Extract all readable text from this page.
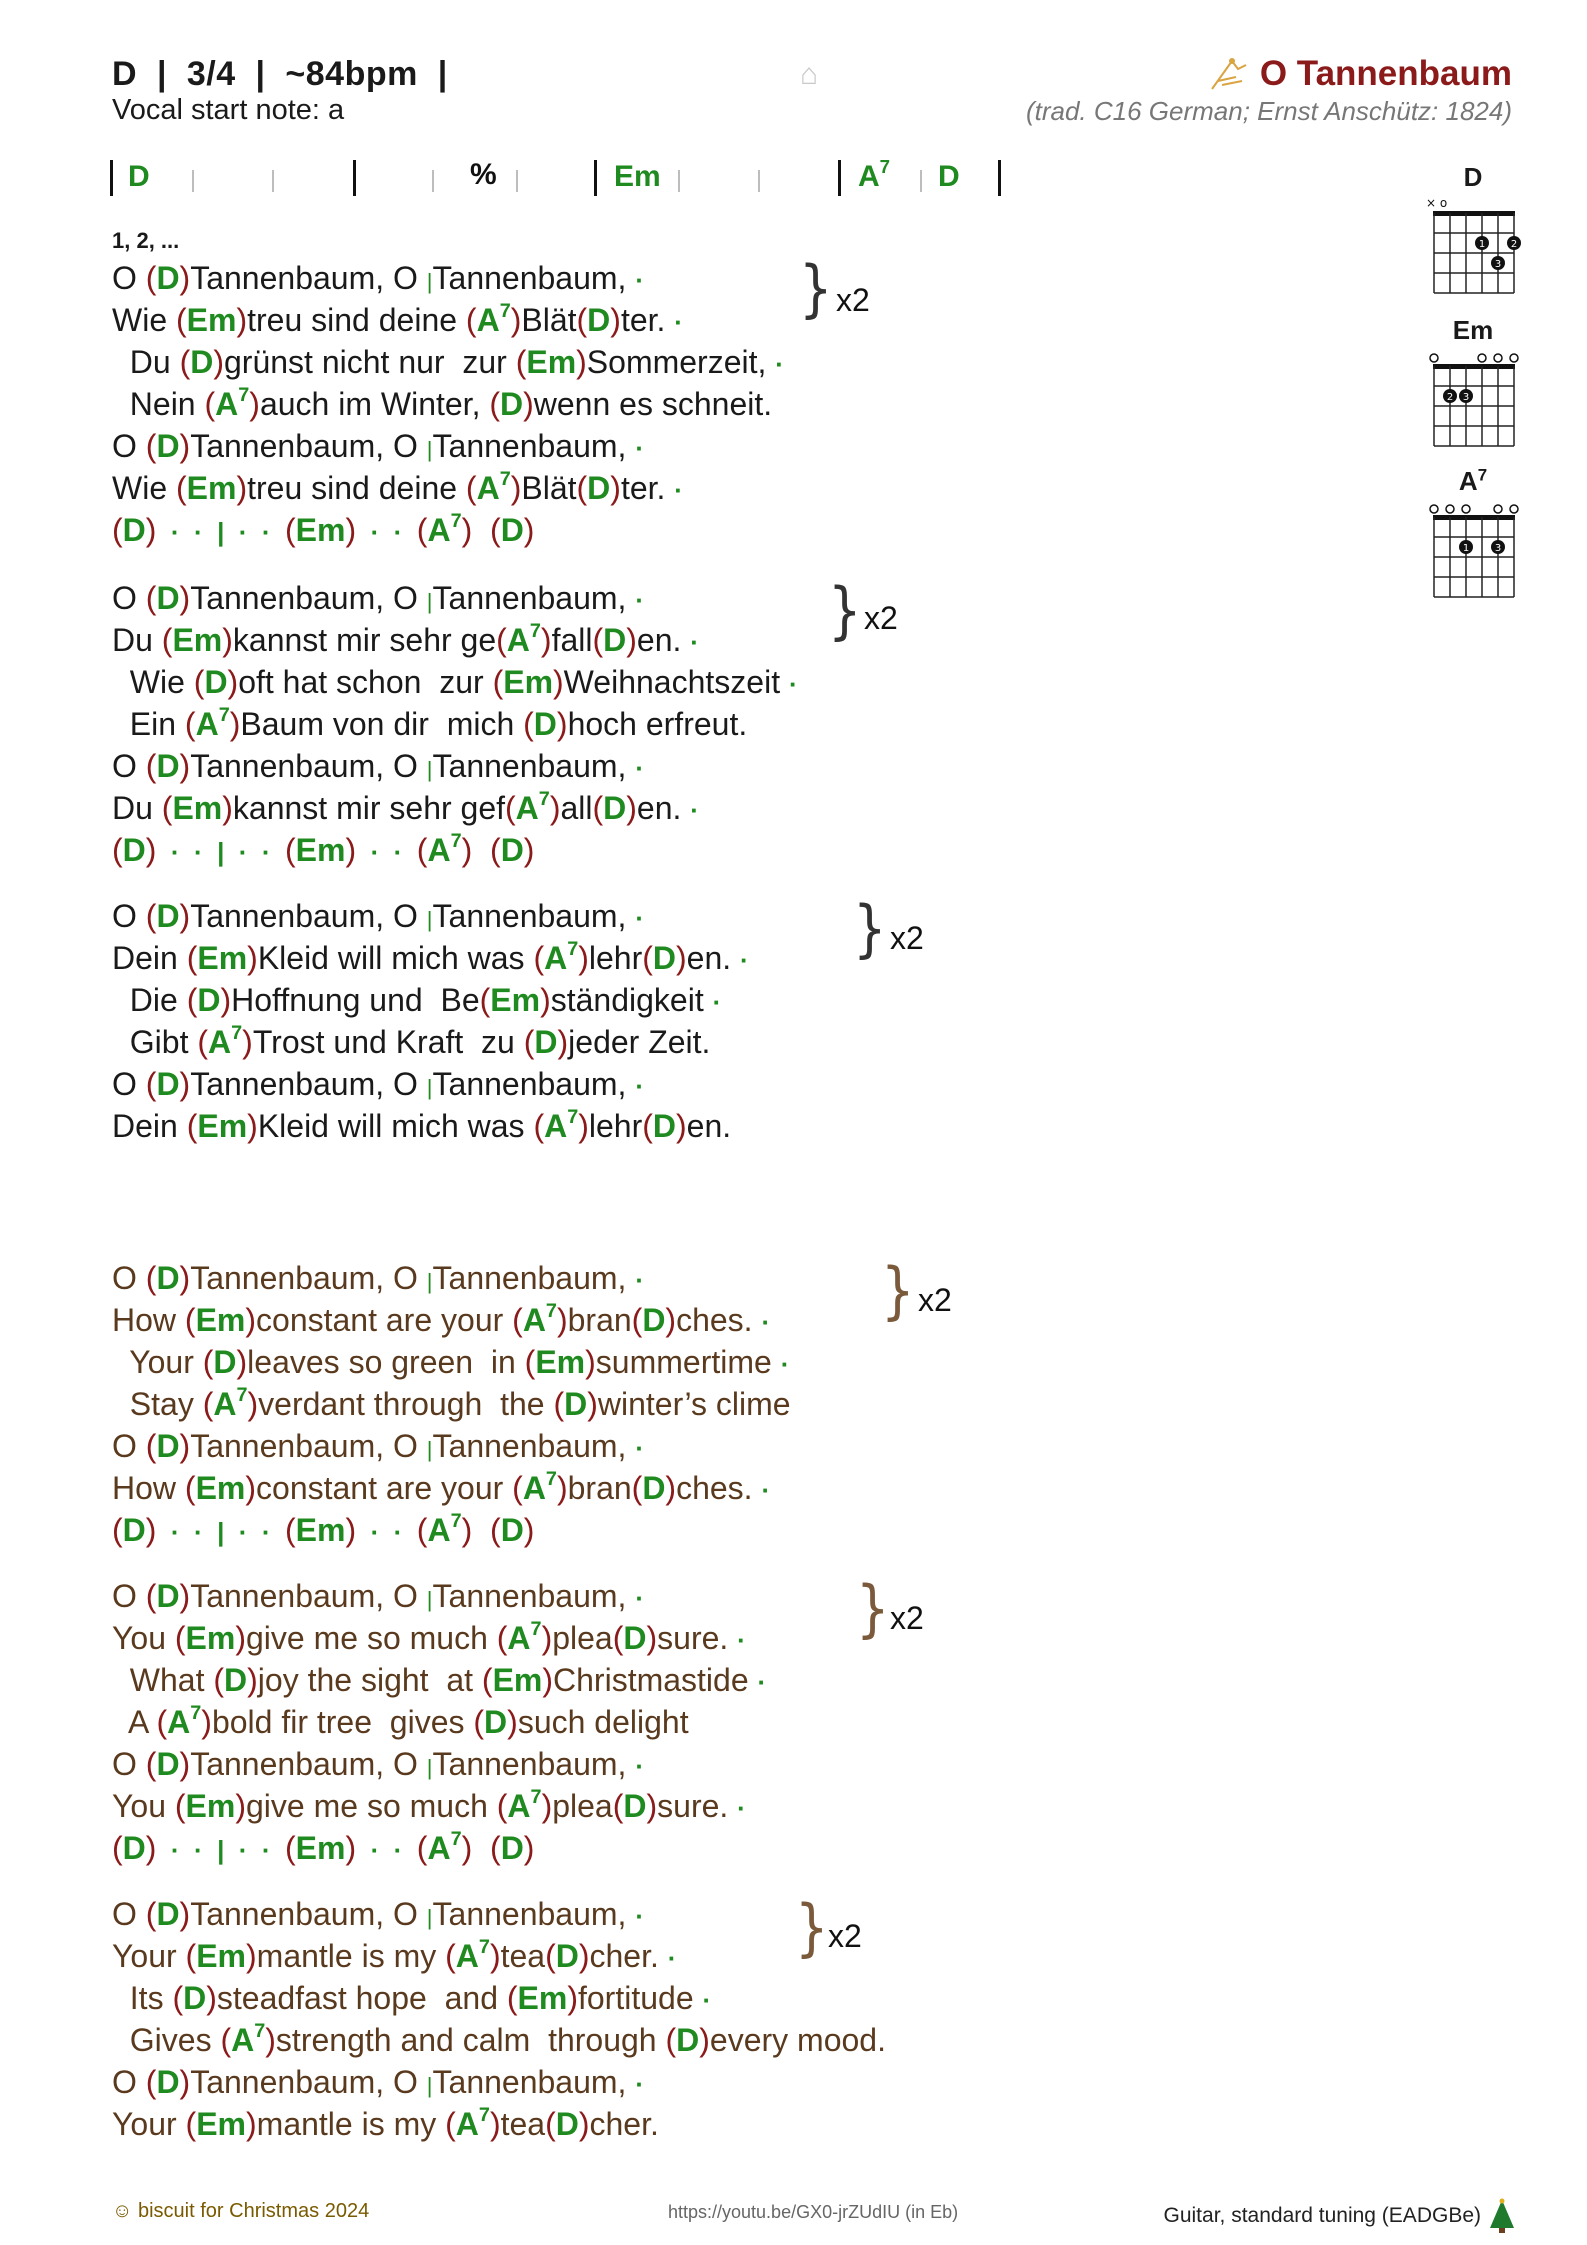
D  |  3/4  |  ~84bpm  |
Vocal start note: a
⌂	O Tannenbaum
(trad. C16 German; Ernst Anschütz: 1824)
D	%	Em	$A^7$ D	D
× o
1	2
3
Em
2 3
$A^7$
1	3
1, 2, ...
O (D)Tannenbaum, O |Tannenbaum, ·
Wie (Em)treu sind deine $(A^7)Blät(D)ter$. ·
Du (D)grünst nicht nur  zur (Em)Sommerzeit, ·
Nein $(A^7)auch$ im Winter, (D)wenn es schneit.
O (D)Tannenbaum, O |Tannenbaum, ·
Wie (Em)treu sind deine $(A^7)Blät(D)ter$. ·
(D)  ·  ·  |  ·  ·  (Em)  ·  ·  $(A^7)$ (D)
O (D)Tannenbaum, O |Tannenbaum, ·
Du (Em)kannst mir sehr $ge(A^7)fall(D)en$. ·
Wie (D)oft hat schon  zur (Em)Weihnachtszeit ·
Ein $(A^7)Baum$ von dir  mich (D)hoch erfreut.
O (D)Tannenbaum, O |Tannenbaum, ·
Du (Em)kannst mir sehr $gef(A^7)all(D)en$. ·
(D)  ·  ·  |  ·  ·  (Em)  ·  ·  $(A^7)$ (D)
O (D)Tannenbaum, O |Tannenbaum, ·
Dein (Em)Kleid will mich was $(A^7)lehr(D)en$. ·
Die (D)Hoffnung und  Be(Em)ständigkeit ·
Gibt $(A^7)Trost$ und Kraft  zu (D)jeder Zeit.
O (D)Tannenbaum, O |Tannenbaum, ·
Dein (Em)Kleid will mich was $(A^7)lehr(D)en$.
O (D)Tannenbaum, O |Tannenbaum, ·
How (Em)constant are your $(A^7)bran(D)ches$. ·
Your (D)leaves so green  in (Em)summertime ·
Stay $(A^7)verdant$ through  the (D)winter’s clime
O (D)Tannenbaum, O |Tannenbaum, ·
How (Em)constant are your $(A^7)bran(D)ches$. ·
(D)  ·  ·  |  ·  ·  (Em)  ·  ·  $(A^7)$ (D)
O (D)Tannenbaum, O |Tannenbaum, ·
You (Em)give me so much $(A^7)plea(D)sure$. ·
What (D)joy the sight  at (Em)Christmastide ·
A $(A^7)bold$ fir tree  gives (D)such delight
O (D)Tannenbaum, O |Tannenbaum, ·
You (Em)give me so much $(A^7)plea(D)sure$. ·
(D)  ·  ·  |  ·  ·  (Em)  ·  ·  $(A^7)$ (D)
O (D)Tannenbaum, O |Tannenbaum, ·
Your (Em)mantle is my $(A^7)tea(D)cher$. ·
Its (D)steadfast hope  and (Em)fortitude ·
Gives $(A^7)strength$ and calm  through (D)every mood.
O (D)Tannenbaum, O |Tannenbaum, ·
Your (Em)mantle is my $(A^7)tea(D)cher$.
} x2
} x2
} x2
} x2
} x2
} x2
☺ biscuit for Christmas 2024	https://youtu.be/GX0-jrZUdIU (in Eb)	Guitar, standard tuning (EADGBe)
